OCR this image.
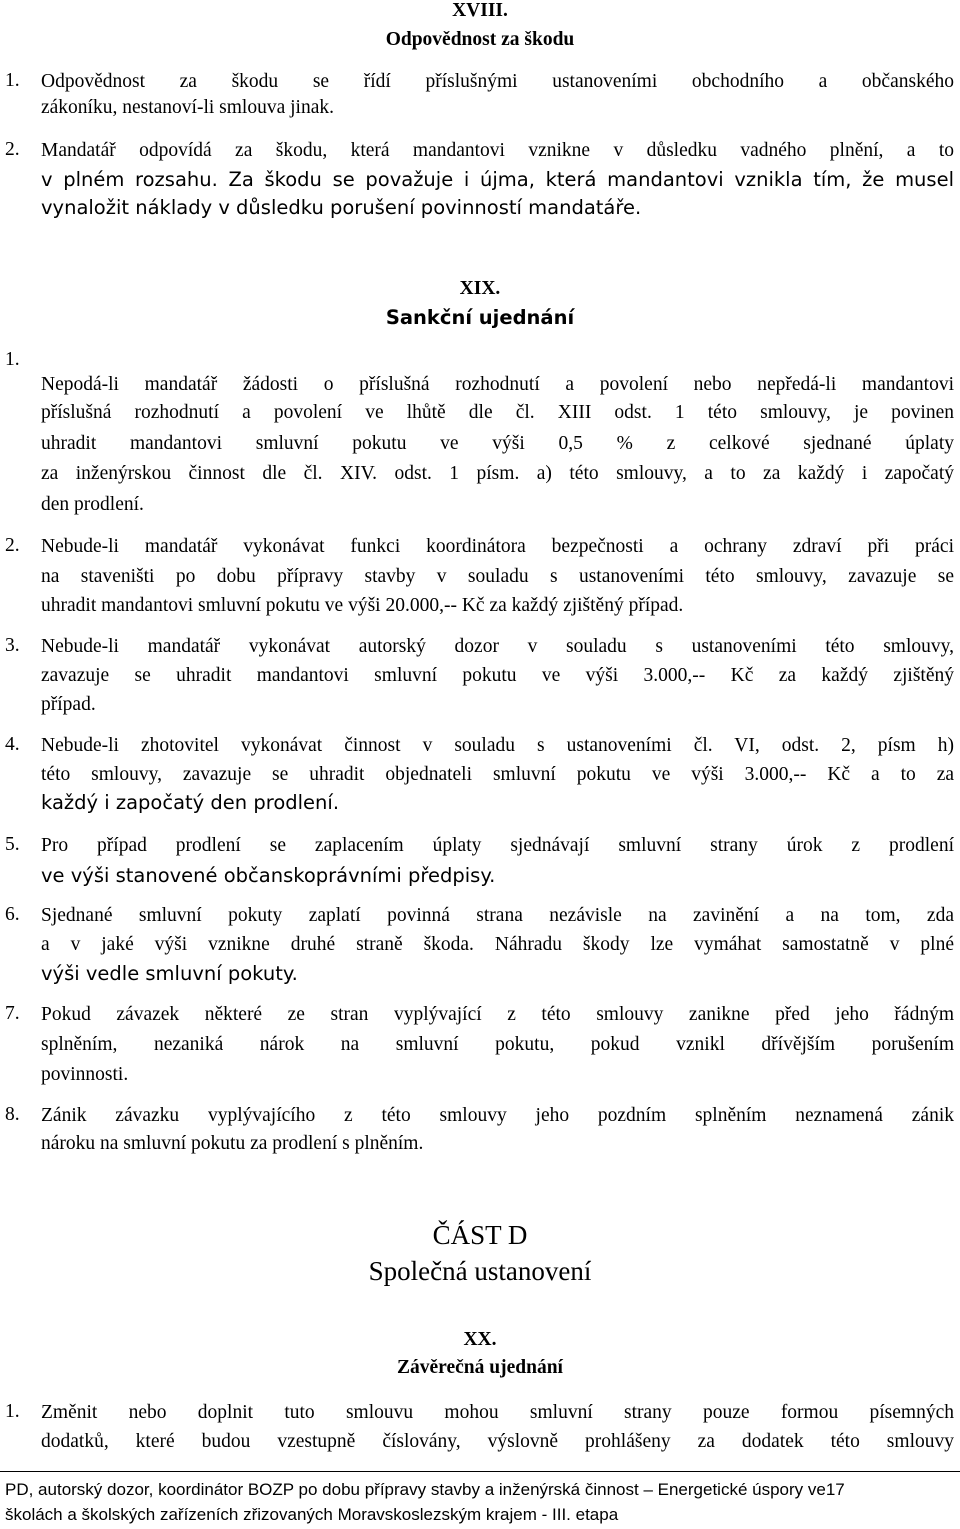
XVIII.
Odpovědnost za škodu
1. Odpovědnost za škodu se řídí příslušnými ustanoveními obchodního a občanského
zákoníku, nestanoví-li smlouva jinak.
2. Mandatář odpovídá za škodu, která mandantovi vznikne v důsledku vadného plnění, a to
v plném rozsahu. Za škodu se považuje i újma, která mandantovi vznikla tím, že musel
vynaložit náklady v důsledku porušení povinností mandatáře.
XIX.
Sankční ujednání
1.
Nepodá-li mandatář žádosti o příslušná rozhodnutí a povolení nebo nepředá-li mandantovi
příslušná rozhodnutí a povolení ve lhůtě dle čl. XIII odst. 1 této smlouvy, je povinen
uhradit mandantovi smluvní pokutu ve výši 0,5 % z celkové sjednané úplaty
za inženýrskou činnost dle čl. XIV. odst. 1 písm. a) této smlouvy, a to za každý i započatý
den prodlení.
2. Nebude-li mandatář vykonávat funkci koordinátora bezpečnosti a ochrany zdraví při práci
na staveništi po dobu přípravy stavby v souladu s ustanoveními této smlouvy, zavazuje se
uhradit mandantovi smluvní pokutu ve výši 20.000,-- Kč za každý zjištěný případ.
3. Nebude-li mandatář vykonávat autorský dozor v souladu s ustanoveními této smlouvy,
zavazuje se uhradit mandantovi smluvní pokutu ve výši 3.000,-- Kč za každý zjištěný
případ.
4. Nebude-li zhotovitel vykonávat činnost v souladu s ustanoveními čl. VI, odst. 2, písm h)
této smlouvy, zavazuje se uhradit objednateli smluvní pokutu ve výši 3.000,-- Kč a to za
každý i započatý den prodlení.
5. Pro případ prodlení se zaplacením úplaty sjednávají smluvní strany úrok z prodlení
ve výši stanovené občanskoprávními předpisy.
6. Sjednané smluvní pokuty zaplatí povinná strana nezávisle na zavinění a na tom, zda
a v jaké výši vznikne druhé straně škoda. Náhradu škody lze vymáhat samostatně v plné
výši vedle smluvní pokuty.
7. Pokud závazek některé ze stran vyplývající z této smlouvy zanikne před jeho řádným
splněním, nezaniká nárok na smluvní pokutu, pokud vznikl dřívějším porušením
povinnosti.
8. Zánik závazku vyplývajícího z této smlouvy jeho pozdním splněním neznamená zánik
nároku na smluvní pokutu za prodlení s plněním.
ČÁST D
Společná ustanovení
XX.
Závěrečná ujednání
1. Změnit nebo doplnit tuto smlouvu mohou smluvní strany pouze formou písemných
dodatků, které budou vzestupně číslovány, výslovně prohlášeny za dodatek této smlouvy
PD, autorský dozor, koordinátor BOZP po dobu přípravy stavby a inženýrská činnost – Energetické úspory ve17
školách a školských zařízeních zřizovaných Moravskoslezským krajem - III. etapa
